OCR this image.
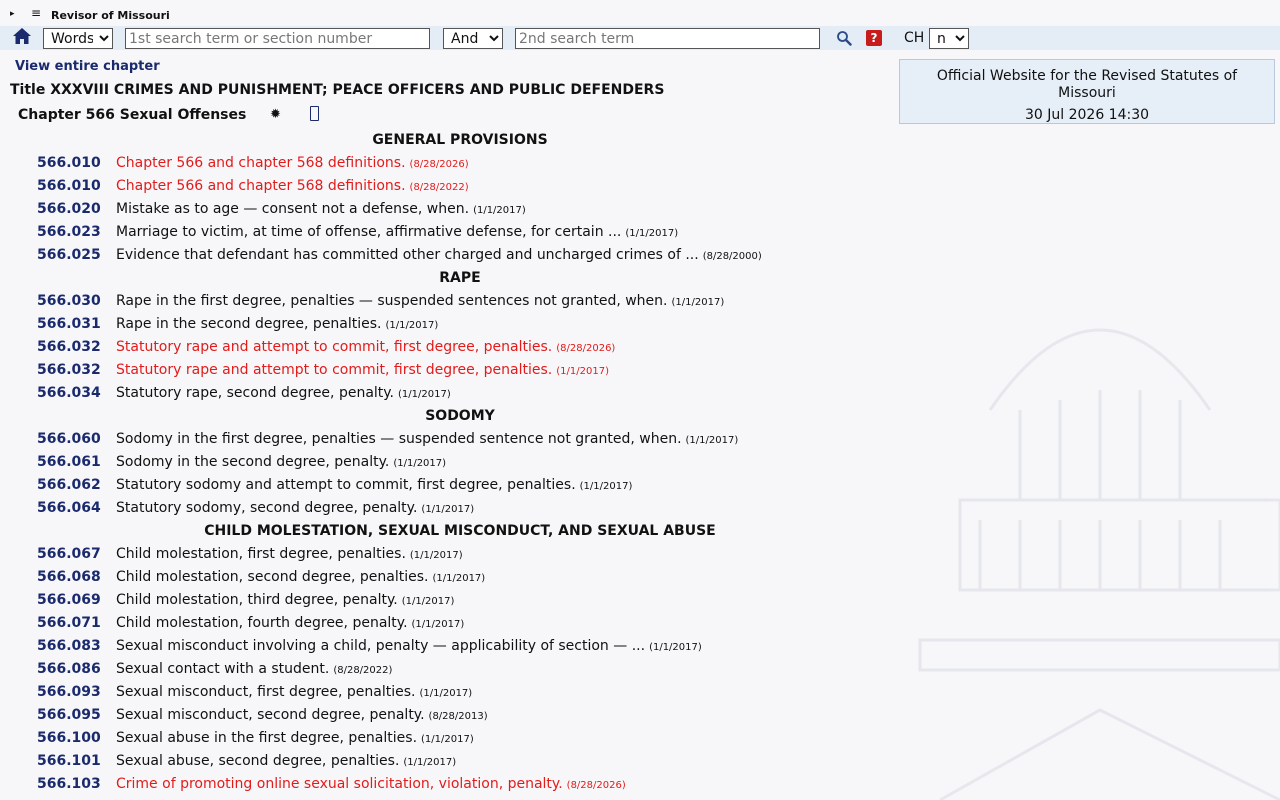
▸ ≡ Revisor of Missouri
Words
1st search term or section number
And
2nd search term
?	CH
n
View entire chapter
Title XXXVIII CRIMES AND PUNISHMENT; PEACE OFFICERS AND PUBLIC DEFENDERS
Chapter 566 Sexual Offenses ✹
Official Website for the Revised Statutes of
Missouri
30 Jul 2026 14:30
GENERAL PROVISIONS
566.010 Chapter 566 and chapter 568 definitions. (8/28/2026)
566.010 Chapter 566 and chapter 568 definitions. (8/28/2022)
566.020 Mistake as to age — consent not a defense, when. (1/1/2017)
566.023 Marriage to victim, at time of offense, affirmative defense, for certain ... (1/1/2017)
566.025 Evidence that defendant has committed other charged and uncharged crimes of ... (8/28/2000)
RAPE
566.030 Rape in the first degree, penalties — suspended sentences not granted, when. (1/1/2017)
566.031 Rape in the second degree, penalties. (1/1/2017)
566.032 Statutory rape and attempt to commit, first degree, penalties. (8/28/2026)
566.032 Statutory rape and attempt to commit, first degree, penalties. (1/1/2017)
566.034 Statutory rape, second degree, penalty. (1/1/2017)
SODOMY
566.060 Sodomy in the first degree, penalties — suspended sentence not granted, when. (1/1/2017)
566.061 Sodomy in the second degree, penalty. (1/1/2017)
566.062 Statutory sodomy and attempt to commit, first degree, penalties. (1/1/2017)
566.064 Statutory sodomy, second degree, penalty. (1/1/2017)
CHILD MOLESTATION, SEXUAL MISCONDUCT, AND SEXUAL ABUSE
566.067 Child molestation, first degree, penalties. (1/1/2017)
566.068 Child molestation, second degree, penalties. (1/1/2017)
566.069 Child molestation, third degree, penalty. (1/1/2017)
566.071 Child molestation, fourth degree, penalty. (1/1/2017)
566.083 Sexual misconduct involving a child, penalty — applicability of section — ... (1/1/2017)
566.086 Sexual contact with a student. (8/28/2022)
566.093 Sexual misconduct, first degree, penalties. (1/1/2017)
566.095 Sexual misconduct, second degree, penalty. (8/28/2013)
566.100 Sexual abuse in the first degree, penalties. (1/1/2017)
566.101 Sexual abuse, second degree, penalties. (1/1/2017)
566.103 Crime of promoting online sexual solicitation, violation, penalty. (8/28/2026)
